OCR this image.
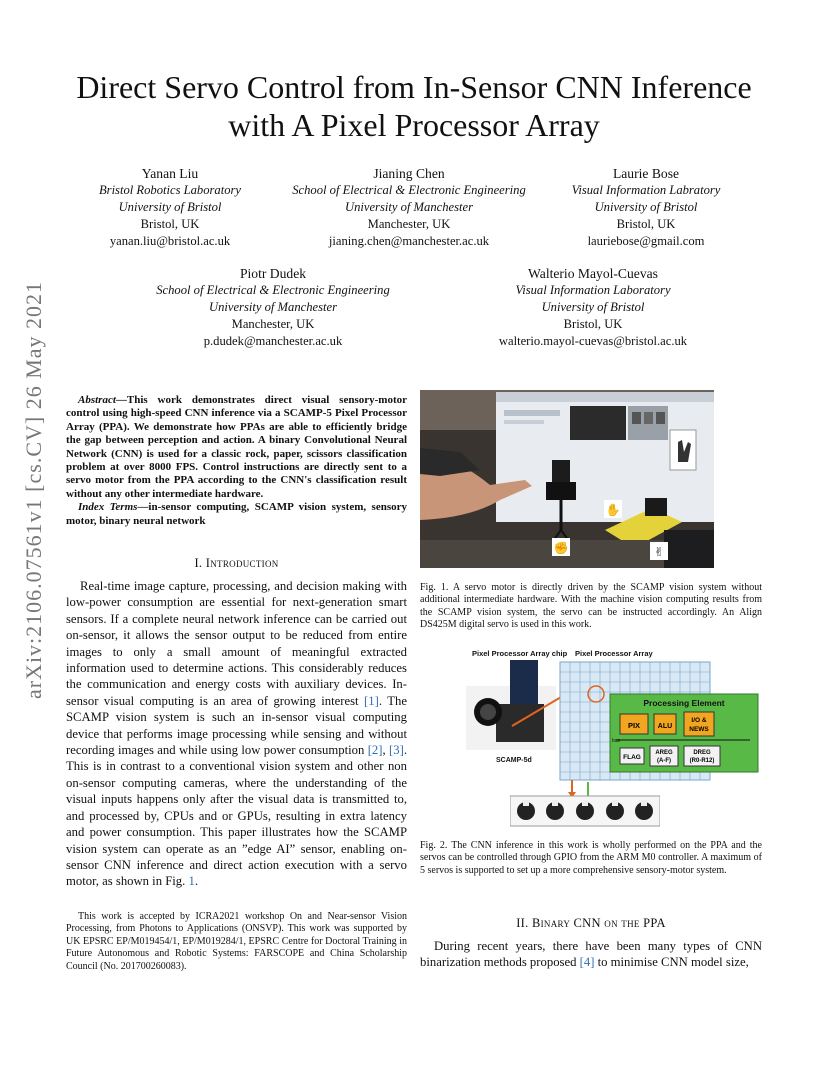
arXiv:2106.07561v1 [cs.CV] 26 May 2021
Direct Servo Control from In-Sensor CNN Inference
with A Pixel Processor Array
Yanan Liu
Bristol Robotics Laboratory
University of Bristol
Bristol, UK
yanan.liu@bristol.ac.uk
Jianing Chen
School of Electrical & Electronic Engineering
University of Manchester
Manchester, UK
jianing.chen@manchester.ac.uk
Laurie Bose
Visual Information Labratory
University of Bristol
Bristol, UK
lauriebose@gmail.com
Piotr Dudek
School of Electrical & Electronic Engineering
University of Manchester
Manchester, UK
p.dudek@manchester.ac.uk
Walterio Mayol-Cuevas
Visual Information Laboratory
University of Bristol
Bristol, UK
walterio.mayol-cuevas@bristol.ac.uk
Abstract—This work demonstrates direct visual sensory-motor control using high-speed CNN inference via a SCAMP-5 Pixel Processor Array (PPA). We demonstrate how PPAs are able to efficiently bridge the gap between perception and action. A binary Convolutional Neural Network (CNN) is used for a classic rock, paper, scissors classification problem at over 8000 FPS. Control instructions are directly sent to a servo motor from the PPA according to the CNN's classification result without any other intermediate hardware.
Index Terms—in-sensor computing, SCAMP vision system, sensory motor, binary neural network
I. Introduction

Real-time image capture, processing, and decision making with low-power consumption are essential for next-generation smart sensors. If a complete neural network inference can be carried out on-sensor, it allows the sensor output to be reduced from entire images to only a small amount of meaningful extracted information used to determine actions. This considerably reduces the communication and energy costs with auxiliary devices. In-sensor visual computing is an area of growing interest [1]. The SCAMP vision system is such an in-sensor visual computing device that performs image processing while sensing and without recording images and while using low power consumption [2], [3]. This is in contrast to a conventional vision system and other non on-sensor computing cameras, where the understanding of the visual inputs happens only after the visual data is transmitted to, and processed by, CPUs and or GPUs, resulting in extra latency and power consumption. This paper illustrates how the SCAMP vision system can operate as an ”edge AI” sensor, enabling on-sensor CNN inference and direct action execution with a servo motor, as shown in Fig. 1.

This work is accepted by ICRA2021 workshop On and Near-sensor Vision Processing, from Photons to Applications (ONSVP). This work was supported by UK EPSRC EP/M019454/1, EP/M019284/1, EPSRC Centre for Doctoral Training in Future Autonomous and Robotic Systems: FARSCOPE and China Scholarship Council (No. 201700260083).

✋
✊	✌
Fig. 1. A servo motor is directly driven by the SCAMP vision system without additional intermediate hardware. With the machine vision computing results from the SCAMP vision system, the servo can be instructed accordingly. An Align DS425M digital servo is used in this work.
Pixel Processor Array chip Pixel Processor Array
SCAMP-5d
Processing Element
PIX	ALU
I/O &
NEWS
bus
FLAG
AREG
(A-F)
DREG
(R0-R12)
Fig. 2. The CNN inference in this work is wholly performed on the PPA and the servos can be controlled through GPIO from the ARM M0 controller. A maximum of 5 servos is supported to set up a more comprehensive sensory-motor system.
II. Binary CNN on the PPA

During recent years, there have been many types of CNN binarization methods proposed [4] to minimise CNN model size,
